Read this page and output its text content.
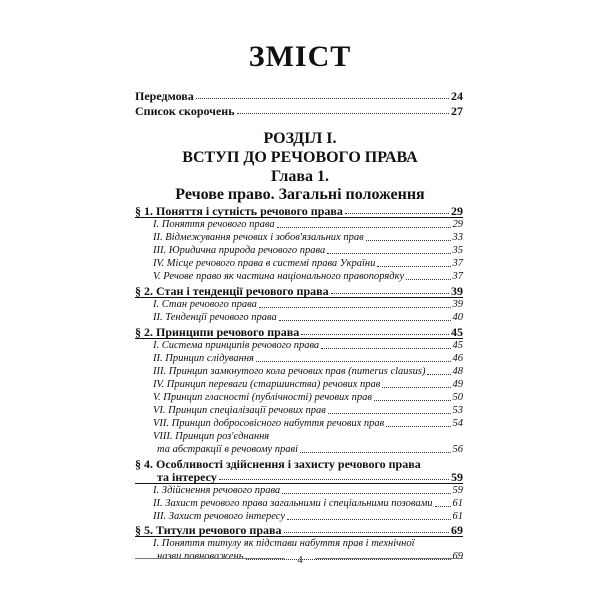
ЗМІСТ
Передмова	24
Список скорочень	27
РОЗДІЛ І.
ВСТУП ДО РЕЧОВОГО ПРАВА
Глава 1.
Речове право. Загальні положення
§ 1. Поняття і сутність речового права	29
І. Поняття речового права	29
ІІ. Відмежування речових і зобов'язальних прав	33
ІІІ. Юридична природа речового права	35
IV. Місце речового права в системі права України	37
V. Речове право як частина національного правопорядку	37
§ 2. Стан і тенденції речового права	39
І. Стан речового права	39
ІІ. Тенденції речового права	40
§ 2. Принципи речового права	45
І. Система принципів речового права	45
ІІ. Принцип слідування	46
ІІІ. Принцип замкнутого кола речових прав (numerus clausus)	48
IV. Принцип переваги (старшинства) речових прав	49
V. Принцип гласності (публічності) речових прав	50
VI. Принцип спеціалізації речових прав	53
VII. Принцип добросовісного набуття речових прав	54
VIII. Принцип роз'єднання
та абстракції в речовому праві	56
§ 4. Особливості здійснення і захисту речового права
та інтересу	59
І. Здійснення речового права	59
ІІ. Захист речового права загальними і спеціальними позовами 61
ІІІ. Захист речового інтересу	61
§ 5. Титули речового права	69
І. Поняття титулу як підстави набуття прав і технічної
назви повноважень	69
4
